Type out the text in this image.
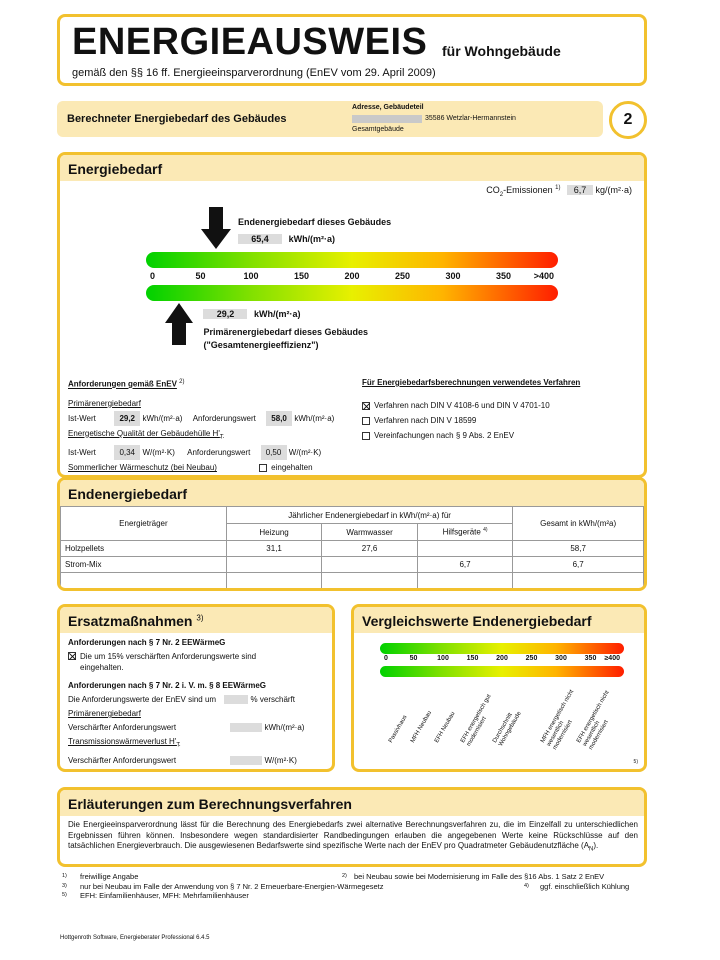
ENERGIEAUSWEIS für Wohngebäude
gemäß den §§ 16 ff. Energieeinsparverordnung (EnEV vom 29. April 2009)
Berechneter Energiebedarf des Gebäudes
Adresse, Gebäudeteil
35586 Wetzlar-Hermannstein
Gesamtgebäude
2
Energiebedarf
$CO_2$-Emissionen $^{1)}$ 6,7 kg/(m²·a)
Endenergiebedarf dieses Gebäudes
65,4 kWh/(m²·a)
0	50	100	150	200	250	300	350	>400
29,2 kWh/(m²·a)
Primärenergiebedarf dieses Gebäudes
("Gesamtenergieeffizienz")
Anforderungen gemäß EnEV $^{2)}$
Primärenergiebedarf
Ist-Wert	29,2 kWh/(m²·a) Anforderungswert 58,0 kWh/(m²·a)
Energetische Qualität der Gebäudehülle $H'_T$
Ist-Wert	0,34 W/(m²·K) Anforderungswert 0,50 W/(m²·K)
Sommerlicher Wärmeschutz (bei Neubau)	eingehalten
Für Energiebedarfsberechnungen verwendetes Verfahren
Verfahren nach DIN V 4108-6 und DIN V 4701-10
Verfahren nach DIN V 18599
Vereinfachungen nach § 9 Abs. 2 EnEV
Endenergiebedarf
Energieträger	Jährlicher Endenergiebedarf in kWh/(m²·a) für			Gesamt in kWh/(m²a)
	Heizung	Warmwasser	Hilfsgeräte $^{4)}$
Holzpellets	31,1	27,6		58,7
Strom-Mix			6,7	6,7

Ersatzmaßnahmen $^{3)}$
Anforderungen nach § 7 Nr. 2 EEWärmeG
Die um 15% verschärften Anforderungswerte sind
eingehalten.
Anforderungen nach § 7 Nr. 2 i. V. m. § 8 EEWärmeG
Die Anforderungswerte der EnEV sind um	% verschärft
Primärenergiebedarf
Verschärfter Anforderungswert	kWh/(m²·a)
Transmissionswärmeverlust $H'_T$
Verschärfter Anforderungswert	W/(m²·K)
Vergleichswerte Endenergiebedarf
0	50	100	150	200	250	300	350 ≥400
Passivhaus MFH Neubau EFH Neubau EFH energetisch gut modernisiert Durchschnitt Wohngebäude	MFH energetisch nicht wesentlich modernisiert EFH energetisch nicht wesentlich modernisiert
5)
Erläuterungen zum Berechnungsverfahren
Die Energieeinsparverordnung lässt für die Berechnung des Energiebedarfs zwei alternative Berechnungsverfahren zu, die im Einzelfall zu unterschiedlichen Ergebnissen führen können. Insbesondere wegen standardisierter Randbedingungen erlauben die angegebenen Werte keine Rückschlüsse auf den tatsächlichen Energieverbrauch. Die ausgewiesenen Bedarfswerte sind spezifische Werte nach der EnEV pro Quadratmeter Gebäudenutzfläche $(A_N)$.
1) freiwillige Angabe	2) bei Neubau sowie bei Modernisierung im Falle des §16 Abs. 1 Satz 2 EnEV
3) nur bei Neubau im Falle der Anwendung von § 7 Nr. 2 Erneuerbare-Energien-Wärmegesetz	4) ggf. einschließlich Kühlung
5) EFH: Einfamilienhäuser, MFH: Mehrfamilienhäuser
Hottgenroth Software, Energieberater Professional 6.4.5
